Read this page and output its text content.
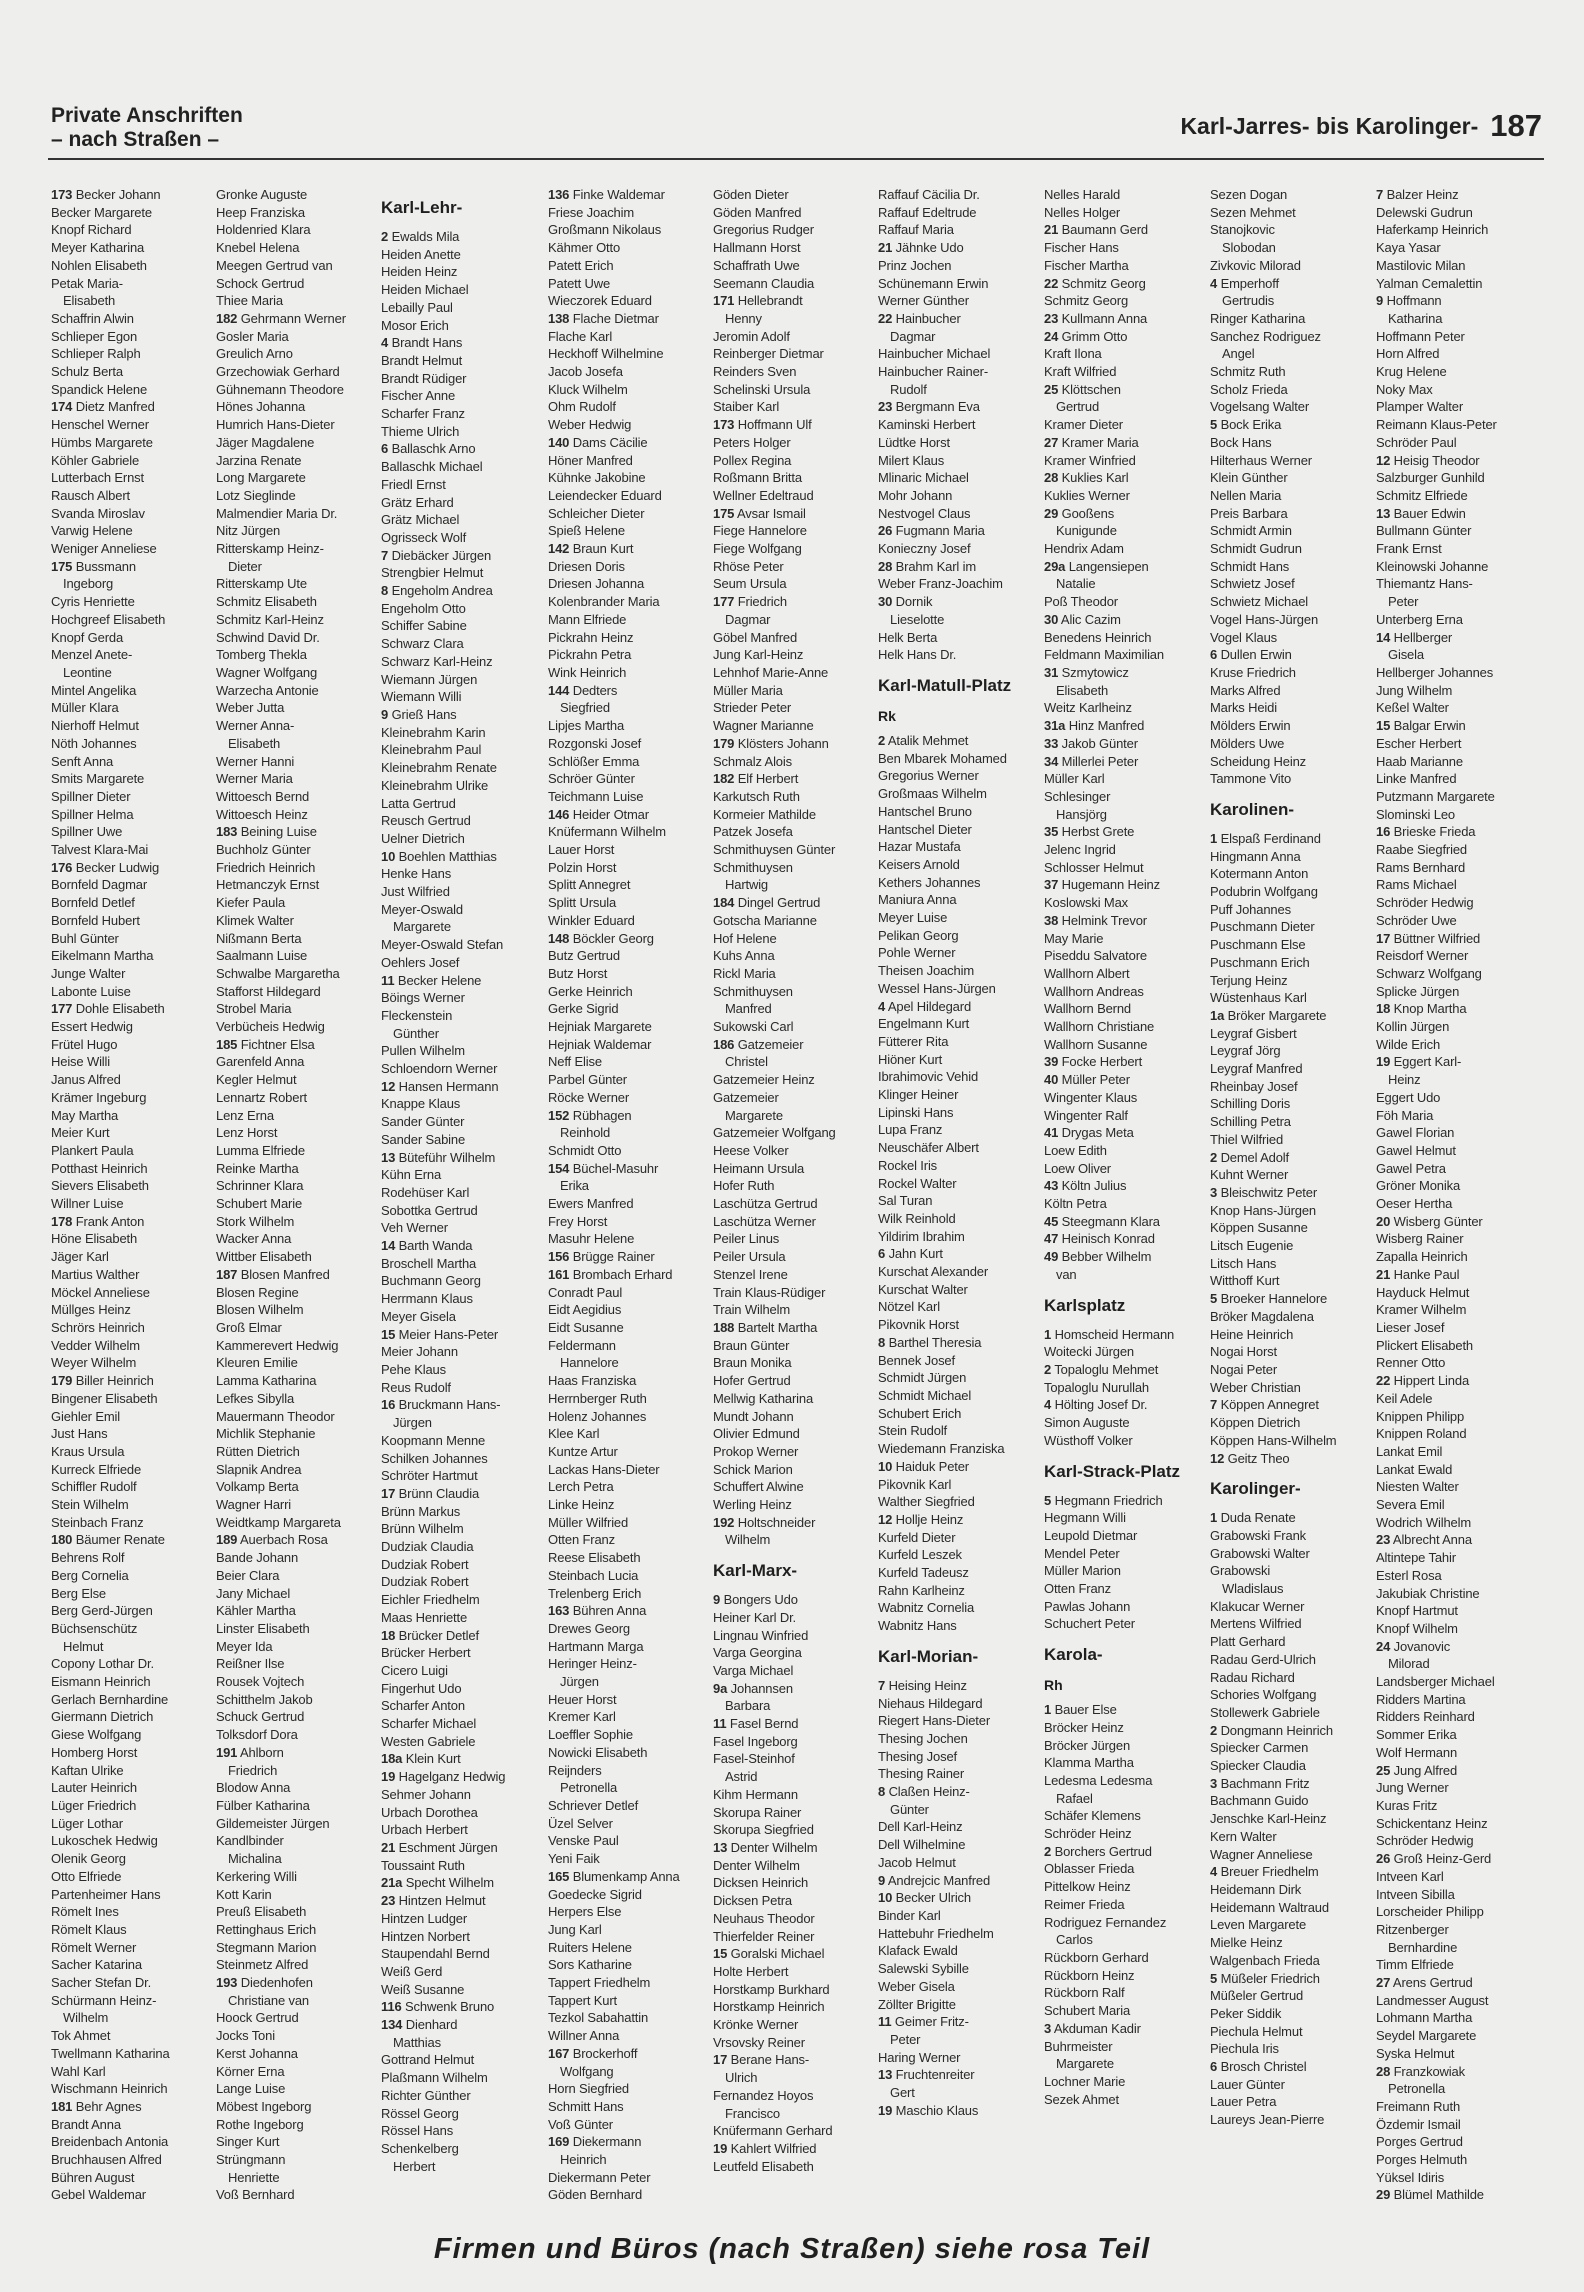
Private Anschriften
– nach Straßen –
Karl-Jarres- bis Karolinger- 187
173 Becker Johann
Becker Margarete
Knopf Richard
Meyer Katharina
Nohlen Elisabeth
Petak Maria-
Elisabeth
Schaffrin Alwin
Schlieper Egon
Schlieper Ralph
Schulz Berta
Spandick Helene
174 Dietz Manfred
Henschel Werner
Hümbs Margarete
Köhler Gabriele
Lutterbach Ernst
Rausch Albert
Svanda Miroslav
Varwig Helene
Weniger Anneliese
175 Bussmann
Ingeborg
Cyris Henriette
Hochgreef Elisabeth
Knopf Gerda
Menzel Anete-
Leontine
Mintel Angelika
Müller Klara
Nierhoff Helmut
Nöth Johannes
Senft Anna
Smits Margarete
Spillner Dieter
Spillner Helma
Spillner Uwe
Talvest Klara-Mai
176 Becker Ludwig
Bornfeld Dagmar
Bornfeld Detlef
Bornfeld Hubert
Buhl Günter
Eikelmann Martha
Junge Walter
Labonte Luise
177 Dohle Elisabeth
Essert Hedwig
Frütel Hugo
Heise Willi
Janus Alfred
Krämer Ingeburg
May Martha
Meier Kurt
Plankert Paula
Potthast Heinrich
Sievers Elisabeth
Willner Luise
178 Frank Anton
Höne Elisabeth
Jäger Karl
Martius Walther
Möckel Anneliese
Müllges Heinz
Schrörs Heinrich
Vedder Wilhelm
Weyer Wilhelm
179 Biller Heinrich
Bingener Elisabeth
Giehler Emil
Just Hans
Kraus Ursula
Kurreck Elfriede
Schiffler Rudolf
Stein Wilhelm
Steinbach Franz
180 Bäumer Renate
Behrens Rolf
Berg Cornelia
Berg Else
Berg Gerd-Jürgen
Büchsenschütz
Helmut
Copony Lothar Dr.
Eismann Heinrich
Gerlach Bernhardine
Giermann Dietrich
Giese Wolfgang
Homberg Horst
Kaftan Ulrike
Lauter Heinrich
Lüger Friedrich
Lüger Lothar
Lukoschek Hedwig
Olenik Georg
Otto Elfriede
Partenheimer Hans
Römelt Ines
Römelt Klaus
Römelt Werner
Sacher Katarina
Sacher Stefan Dr.
Schürmann Heinz-
Wilhelm
Tok Ahmet
Twellmann Katharina
Wahl Karl
Wischmann Heinrich
181 Behr Agnes
Brandt Anna
Breidenbach Antonia
Bruchhausen Alfred
Bühren August
Gebel Waldemar
Gronke Auguste
Heep Franziska
Holdenried Klara
Knebel Helena
Meegen Gertrud van
Schock Gertrud
Thiee Maria
182 Gehrmann Werner
Gosler Maria
Greulich Arno
Grzechowiak Gerhard
Gühnemann Theodore
Hönes Johanna
Humrich Hans-Dieter
Jäger Magdalene
Jarzina Renate
Long Margarete
Lotz Sieglinde
Malmendier Maria Dr.
Nitz Jürgen
Ritterskamp Heinz-
Dieter
Ritterskamp Ute
Schmitz Elisabeth
Schmitz Karl-Heinz
Schwind David Dr.
Tomberg Thekla
Wagner Wolfgang
Warzecha Antonie
Weber Jutta
Werner Anna-
Elisabeth
Werner Hanni
Werner Maria
Wittoesch Bernd
Wittoesch Heinz
183 Beining Luise
Buchholz Günter
Friedrich Heinrich
Hetmanczyk Ernst
Kiefer Paula
Klimek Walter
Nißmann Berta
Saalmann Luise
Schwalbe Margaretha
Stafforst Hildegard
Strobel Maria
Verbücheis Hedwig
185 Fichtner Elsa
Garenfeld Anna
Kegler Helmut
Lennartz Robert
Lenz Erna
Lenz Horst
Lumma Elfriede
Reinke Martha
Schrinner Klara
Schubert Marie
Stork Wilhelm
Wacker Anna
Wittber Elisabeth
187 Blosen Manfred
Blosen Regine
Blosen Wilhelm
Groß Elmar
Kammerevert Hedwig
Kleuren Emilie
Lamma Katharina
Lefkes Sibylla
Mauermann Theodor
Michlik Stephanie
Rütten Dietrich
Slapnik Andrea
Volkamp Berta
Wagner Harri
Weidtkamp Margareta
189 Auerbach Rosa
Bande Johann
Beier Clara
Jany Michael
Kähler Martha
Linster Elisabeth
Meyer Ida
Reißner Ilse
Rousek Vojtech
Schitthelm Jakob
Schuck Gertrud
Tolksdorf Dora
191 Ahlborn
Friedrich
Blodow Anna
Fülber Katharina
Gildemeister Jürgen
Kandlbinder
Michalina
Kerkering Willi
Kott Karin
Preuß Elisabeth
Rettinghaus Erich
Stegmann Marion
Steinmetz Alfred
193 Diedenhofen
Christiane van
Hoock Gertrud
Jocks Toni
Kerst Johanna
Körner Erna
Lange Luise
Möbest Ingeborg
Rothe Ingeborg
Singer Kurt
Strüngmann
Henriette
Voß Bernhard
Karl-Lehr-
2 Ewalds Mila
Heiden Anette
Heiden Heinz
Heiden Michael
Lebailly Paul
Mosor Erich
4 Brandt Hans
Brandt Helmut
Brandt Rüdiger
Fischer Anne
Scharfer Franz
Thieme Ulrich
6 Ballaschk Arno
Ballaschk Michael
Friedl Ernst
Grätz Erhard
Grätz Michael
Ogrisseck Wolf
7 Diebäcker Jürgen
Strengbier Helmut
8 Engeholm Andrea
Engeholm Otto
Schiffer Sabine
Schwarz Clara
Schwarz Karl-Heinz
Wiemann Jürgen
Wiemann Willi
9 Grieß Hans
Kleinebrahm Karin
Kleinebrahm Paul
Kleinebrahm Renate
Kleinebrahm Ulrike
Latta Gertrud
Reusch Gertrud
Uelner Dietrich
10 Boehlen Matthias
Henke Hans
Just Wilfried
Meyer-Oswald
Margarete
Meyer-Oswald Stefan
Oehlers Josef
11 Becker Helene
Böings Werner
Fleckenstein
Günther
Pullen Wilhelm
Schloendorn Werner
12 Hansen Hermann
Knappe Klaus
Sander Günter
Sander Sabine
13 Büteführ Wilhelm
Kühn Erna
Rodehüser Karl
Sobottka Gertrud
Veh Werner
14 Barth Wanda
Broschell Martha
Buchmann Georg
Herrmann Klaus
Meyer Gisela
15 Meier Hans-Peter
Meier Johann
Pehe Klaus
Reus Rudolf
16 Bruckmann Hans-
Jürgen
Koopmann Menne
Schilken Johannes
Schröter Hartmut
17 Brünn Claudia
Brünn Markus
Brünn Wilhelm
Dudziak Claudia
Dudziak Robert
Dudziak Robert
Eichler Friedhelm
Maas Henriette
18 Brücker Detlef
Brücker Herbert
Cicero Luigi
Fingerhut Udo
Scharfer Anton
Scharfer Michael
Westen Gabriele
18a Klein Kurt
19 Hagelganz Hedwig
Sehmer Johann
Urbach Dorothea
Urbach Herbert
21 Eschment Jürgen
Toussaint Ruth
21a Specht Wilhelm
23 Hintzen Helmut
Hintzen Ludger
Hintzen Norbert
Staupendahl Bernd
Weiß Gerd
Weiß Susanne
116 Schwenk Bruno
134 Dienhard
Matthias
Gottrand Helmut
Plaßmann Wilhelm
Richter Günther
Rössel Georg
Rössel Hans
Schenkelberg
Herbert
136 Finke Waldemar
Friese Joachim
Großmann Nikolaus
Kähmer Otto
Patett Erich
Patett Uwe
Wieczorek Eduard
138 Flache Dietmar
Flache Karl
Heckhoff Wilhelmine
Jacob Josefa
Kluck Wilhelm
Ohm Rudolf
Weber Hedwig
140 Dams Cäcilie
Höner Manfred
Kühnke Jakobine
Leiendecker Eduard
Schleicher Dieter
Spieß Helene
142 Braun Kurt
Driesen Doris
Driesen Johanna
Kolenbrander Maria
Mann Elfriede
Pickrahn Heinz
Pickrahn Petra
Wink Heinrich
144 Dedters
Siegfried
Lipjes Martha
Rozgonski Josef
Schlößer Emma
Schröer Günter
Teichmann Luise
146 Heider Otmar
Knüfermann Wilhelm
Lauer Horst
Polzin Horst
Splitt Annegret
Splitt Ursula
Winkler Eduard
148 Böckler Georg
Butz Gertrud
Butz Horst
Gerke Heinrich
Gerke Sigrid
Hejniak Margarete
Hejniak Waldemar
Neff Elise
Parbel Günter
Röcke Werner
152 Rübhagen
Reinhold
Schmidt Otto
154 Büchel-Masuhr
Erika
Ewers Manfred
Frey Horst
Masuhr Helene
156 Brügge Rainer
161 Brombach Erhard
Conradt Paul
Eidt Aegidius
Eidt Susanne
Feldermann
Hannelore
Haas Franziska
Herrnberger Ruth
Holenz Johannes
Klee Karl
Kuntze Artur
Lackas Hans-Dieter
Lerch Petra
Linke Heinz
Müller Wilfried
Otten Franz
Reese Elisabeth
Steinbach Lucia
Trelenberg Erich
163 Bühren Anna
Drewes Georg
Hartmann Marga
Heringer Heinz-
Jürgen
Heuer Horst
Kremer Karl
Loeffler Sophie
Nowicki Elisabeth
Reijnders
Petronella
Schriever Detlef
Üzel Selver
Venske Paul
Yeni Faik
165 Blumenkamp Anna
Goedecke Sigrid
Herpers Else
Jung Karl
Ruiters Helene
Sors Katharine
Tappert Friedhelm
Tappert Kurt
Tezkol Sabahattin
Willner Anna
167 Brockerhoff
Wolfgang
Horn Siegfried
Schmitt Hans
Voß Günter
169 Diekermann
Heinrich
Diekermann Peter
Göden Bernhard
Göden Dieter
Göden Manfred
Gregorius Rudger
Hallmann Horst
Schaffrath Uwe
Seemann Claudia
171 Hellebrandt
Henny
Jeromin Adolf
Reinberger Dietmar
Reinders Sven
Schelinski Ursula
Staiber Karl
173 Hoffmann Ulf
Peters Holger
Pollex Regina
Roßmann Britta
Wellner Edeltraud
175 Avsar Ismail
Fiege Hannelore
Fiege Wolfgang
Rhöse Peter
Seum Ursula
177 Friedrich
Dagmar
Göbel Manfred
Jung Karl-Heinz
Lehnhof Marie-Anne
Müller Maria
Strieder Peter
Wagner Marianne
179 Klösters Johann
Schmalz Alois
182 Elf Herbert
Karkutsch Ruth
Kormeier Mathilde
Patzek Josefa
Schmithuysen Günter
Schmithuysen
Hartwig
184 Dingel Gertrud
Gotscha Marianne
Hof Helene
Kuhs Anna
Rickl Maria
Schmithuysen
Manfred
Sukowski Carl
186 Gatzemeier
Christel
Gatzemeier Heinz
Gatzemeier
Margarete
Gatzemeier Wolfgang
Heese Volker
Heimann Ursula
Hofer Ruth
Laschütza Gertrud
Laschütza Werner
Peiler Linus
Peiler Ursula
Stenzel Irene
Train Klaus-Rüdiger
Train Wilhelm
188 Bartelt Martha
Braun Günter
Braun Monika
Hofer Gertrud
Mellwig Katharina
Mundt Johann
Olivier Edmund
Prokop Werner
Schick Marion
Schuffert Alwine
Werling Heinz
192 Holtschneider
Wilhelm
Karl-Marx-
9 Bongers Udo
Heiner Karl Dr.
Lingnau Winfried
Varga Georgina
Varga Michael
9a Johannsen
Barbara
11 Fasel Bernd
Fasel Ingeborg
Fasel-Steinhof
Astrid
Kihm Hermann
Skorupa Rainer
Skorupa Siegfried
13 Denter Wilhelm
Denter Wilhelm
Dicksen Heinrich
Dicksen Petra
Neuhaus Theodor
Thierfelder Reiner
15 Goralski Michael
Holte Herbert
Horstkamp Burkhard
Horstkamp Heinrich
Krönke Werner
Vrsovsky Reiner
17 Berane Hans-
Ulrich
Fernandez Hoyos
Francisco
Knüfermann Gerhard
19 Kahlert Wilfried
Leutfeld Elisabeth
Raffauf Cäcilia Dr.
Raffauf Edeltrude
Raffauf Maria
21 Jähnke Udo
Prinz Jochen
Schünemann Erwin
Werner Günther
22 Hainbucher
Dagmar
Hainbucher Michael
Hainbucher Rainer-
Rudolf
23 Bergmann Eva
Kaminski Herbert
Lüdtke Horst
Milert Klaus
Mlinaric Michael
Mohr Johann
Nestvogel Claus
26 Fugmann Maria
Konieczny Josef
28 Brahm Karl im
Weber Franz-Joachim
30 Dornik
Lieselotte
Helk Berta
Helk Hans Dr.
Karl-Matull-Platz
Rk
2 Atalik Mehmet
Ben Mbarek Mohamed
Gregorius Werner
Großmaas Wilhelm
Hantschel Bruno
Hantschel Dieter
Hazar Mustafa
Keisers Arnold
Kethers Johannes
Maniura Anna
Meyer Luise
Pelikan Georg
Pohle Werner
Theisen Joachim
Wessel Hans-Jürgen
4 Apel Hildegard
Engelmann Kurt
Fütterer Rita
Hiöner Kurt
Ibrahimovic Vehid
Klinger Heiner
Lipinski Hans
Lupa Franz
Neuschäfer Albert
Rockel Iris
Rockel Walter
Sal Turan
Wilk Reinhold
Yildirim Ibrahim
6 Jahn Kurt
Kurschat Alexander
Kurschat Walter
Nötzel Karl
Pikovnik Horst
8 Barthel Theresia
Bennek Josef
Schmidt Jürgen
Schmidt Michael
Schubert Erich
Stein Rudolf
Wiedemann Franziska
10 Haiduk Peter
Pikovnik Karl
Walther Siegfried
12 Hollje Heinz
Kurfeld Dieter
Kurfeld Leszek
Kurfeld Tadeusz
Rahn Karlheinz
Wabnitz Cornelia
Wabnitz Hans
Karl-Morian-
7 Heising Heinz
Niehaus Hildegard
Riegert Hans-Dieter
Thesing Jochen
Thesing Josef
Thesing Rainer
8 Claßen Heinz-
Günter
Dell Karl-Heinz
Dell Wilhelmine
Jacob Helmut
9 Andrejcic Manfred
10 Becker Ulrich
Binder Karl
Hattebuhr Friedhelm
Klafack Ewald
Salewski Sybille
Weber Gisela
Zöllter Brigitte
11 Geimer Fritz-
Peter
Haring Werner
13 Fruchtenreiter
Gert
19 Maschio Klaus
Nelles Harald
Nelles Holger
21 Baumann Gerd
Fischer Hans
Fischer Martha
22 Schmitz Georg
Schmitz Georg
23 Kullmann Anna
24 Grimm Otto
Kraft Ilona
Kraft Wilfried
25 Klöttschen
Gertrud
Kramer Dieter
27 Kramer Maria
Kramer Winfried
28 Kuklies Karl
Kuklies Werner
29 Gooßens
Kunigunde
Hendrix Adam
29a Langensiepen
Natalie
Poß Theodor
30 Alic Cazim
Benedens Heinrich
Feldmann Maximilian
31 Szmytowicz
Elisabeth
Weitz Karlheinz
31a Hinz Manfred
33 Jakob Günter
34 Millerlei Peter
Müller Karl
Schlesinger
Hansjörg
35 Herbst Grete
Jelenc Ingrid
Schlosser Helmut
37 Hugemann Heinz
Koslowski Max
38 Helmink Trevor
May Marie
Piseddu Salvatore
Wallhorn Albert
Wallhorn Andreas
Wallhorn Bernd
Wallhorn Christiane
Wallhorn Susanne
39 Focke Herbert
40 Müller Peter
Wingenter Klaus
Wingenter Ralf
41 Drygas Meta
Loew Edith
Loew Oliver
43 Költn Julius
Költn Petra
45 Steegmann Klara
47 Heinisch Konrad
49 Bebber Wilhelm
van
Karlsplatz
1 Homscheid Hermann
Woitecki Jürgen
2 Topaloglu Mehmet
Topaloglu Nurullah
4 Hölting Josef Dr.
Simon Auguste
Wüsthoff Volker
Karl-Strack-Platz
5 Hegmann Friedrich
Hegmann Willi
Leupold Dietmar
Mendel Peter
Müller Marion
Otten Franz
Pawlas Johann
Schuchert Peter
Karola-
Rh
1 Bauer Else
Bröcker Heinz
Bröcker Jürgen
Klamma Martha
Ledesma Ledesma
Rafael
Schäfer Klemens
Schröder Heinz
2 Borchers Gertrud
Oblasser Frieda
Pittelkow Heinz
Reimer Frieda
Rodriguez Fernandez
Carlos
Rückborn Gerhard
Rückborn Heinz
Rückborn Ralf
Schubert Maria
3 Akduman Kadir
Buhrmeister
Margarete
Lochner Marie
Sezek Ahmet
Sezen Dogan
Sezen Mehmet
Stanojkovic
Slobodan
Zivkovic Milorad
4 Emperhoff
Gertrudis
Ringer Katharina
Sanchez Rodriguez
Angel
Schmitz Ruth
Scholz Frieda
Vogelsang Walter
5 Bock Erika
Bock Hans
Hilterhaus Werner
Klein Günther
Nellen Maria
Preis Barbara
Schmidt Armin
Schmidt Gudrun
Schmidt Hans
Schwietz Josef
Schwietz Michael
Vogel Hans-Jürgen
Vogel Klaus
6 Dullen Erwin
Kruse Friedrich
Marks Alfred
Marks Heidi
Mölders Erwin
Mölders Uwe
Scheidung Heinz
Tammone Vito
Karolinen-
1 Elspaß Ferdinand
Hingmann Anna
Kotermann Anton
Podubrin Wolfgang
Puff Johannes
Puschmann Dieter
Puschmann Else
Puschmann Erich
Terjung Heinz
Wüstenhaus Karl
1a Bröker Margarete
Leygraf Gisbert
Leygraf Jörg
Leygraf Manfred
Rheinbay Josef
Schilling Doris
Schilling Petra
Thiel Wilfried
2 Demel Adolf
Kuhnt Werner
3 Bleischwitz Peter
Knop Hans-Jürgen
Köppen Susanne
Litsch Eugenie
Litsch Hans
Witthoff Kurt
5 Broeker Hannelore
Bröker Magdalena
Heine Heinrich
Nogai Horst
Nogai Peter
Weber Christian
7 Köppen Annegret
Köppen Dietrich
Köppen Hans-Wilhelm
12 Geitz Theo
Karolinger-
1 Duda Renate
Grabowski Frank
Grabowski Walter
Grabowski
Wladislaus
Klakucar Werner
Mertens Wilfried
Platt Gerhard
Radau Gerd-Ulrich
Radau Richard
Schories Wolfgang
Stollewerk Gabriele
2 Dongmann Heinrich
Spiecker Carmen
Spiecker Claudia
3 Bachmann Fritz
Bachmann Guido
Jenschke Karl-Heinz
Kern Walter
Wagner Anneliese
4 Breuer Friedhelm
Heidemann Dirk
Heidemann Waltraud
Leven Margarete
Mielke Heinz
Walgenbach Frieda
5 Müßeler Friedrich
Müßeler Gertrud
Peker Siddik
Piechula Helmut
Piechula Iris
6 Brosch Christel
Lauer Günter
Lauer Petra
Laureys Jean-Pierre
7 Balzer Heinz
Delewski Gudrun
Haferkamp Heinrich
Kaya Yasar
Mastilovic Milan
Yalman Cemalettin
9 Hoffmann
Katharina
Hoffmann Peter
Horn Alfred
Krug Helene
Noky Max
Plamper Walter
Reimann Klaus-Peter
Schröder Paul
12 Heisig Theodor
Salzburger Gunhild
Schmitz Elfriede
13 Bauer Edwin
Bullmann Günter
Frank Ernst
Kleinowski Johanne
Thiemantz Hans-
Peter
Unterberg Erna
14 Hellberger
Gisela
Hellberger Johannes
Jung Wilhelm
Keßel Walter
15 Balgar Erwin
Escher Herbert
Haab Marianne
Linke Manfred
Putzmann Margarete
Slominski Leo
16 Brieske Frieda
Raabe Siegfried
Rams Bernhard
Rams Michael
Schröder Hedwig
Schröder Uwe
17 Büttner Wilfried
Reisdorf Werner
Schwarz Wolfgang
Splicke Jürgen
18 Knop Martha
Kollin Jürgen
Wilde Erich
19 Eggert Karl-
Heinz
Eggert Udo
Föh Maria
Gawel Florian
Gawel Helmut
Gawel Petra
Gröner Monika
Oeser Hertha
20 Wisberg Günter
Wisberg Rainer
Zapalla Heinrich
21 Hanke Paul
Hayduck Helmut
Kramer Wilhelm
Lieser Josef
Plickert Elisabeth
Renner Otto
22 Hippert Linda
Keil Adele
Knippen Philipp
Knippen Roland
Lankat Emil
Lankat Ewald
Niesten Walter
Severa Emil
Wodrich Wilhelm
23 Albrecht Anna
Altintepe Tahir
Esterl Rosa
Jakubiak Christine
Knopf Hartmut
Knopf Wilhelm
24 Jovanovic
Milorad
Landsberger Michael
Ridders Martina
Ridders Reinhard
Sommer Erika
Wolf Hermann
25 Jung Alfred
Jung Werner
Kuras Fritz
Schickentanz Heinz
Schröder Hedwig
26 Groß Heinz-Gerd
Intveen Karl
Intveen Sibilla
Lorscheider Philipp
Ritzenberger
Bernhardine
Timm Elfriede
27 Arens Gertrud
Landmesser August
Lohmann Martha
Seydel Margarete
Syska Helmut
28 Franzkowiak
Petronella
Freimann Ruth
Özdemir Ismail
Porges Gertrud
Porges Helmuth
Yüksel Idiris
29 Blümel Mathilde
Firmen und Büros (nach Straßen) siehe rosa Teil
